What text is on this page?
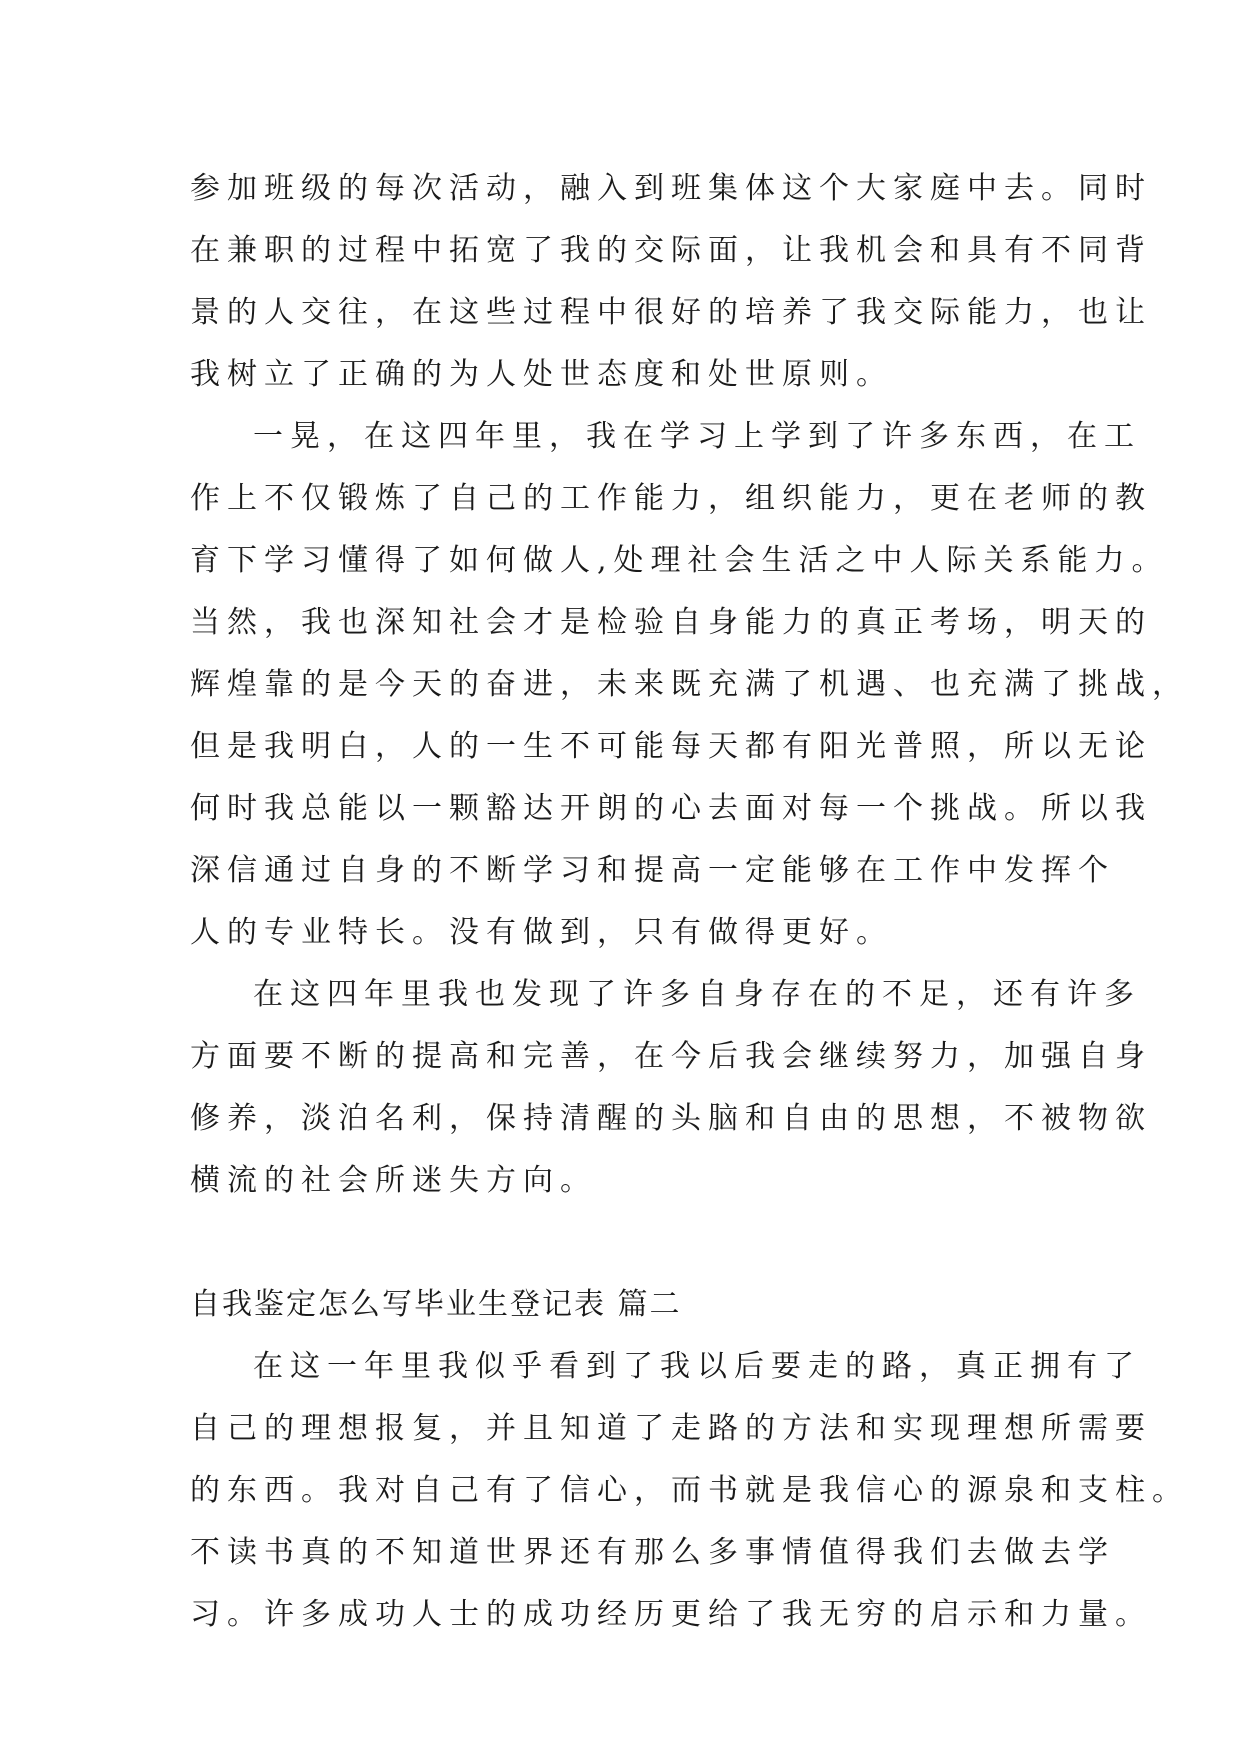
参加班级的每次活动，融入到班集体这个大家庭中去。同时
在兼职的过程中拓宽了我的交际面，让我机会和具有不同背
景的人交往，在这些过程中很好的培养了我交际能力，也让
我树立了正确的为人处世态度和处世原则。
一晃，在这四年里，我在学习上学到了许多东西，在工
作上不仅锻炼了自己的工作能力，组织能力，更在老师的教
育下学习懂得了如何做人,处理社会生活之中人际关系能力。
当然，我也深知社会才是检验自身能力的真正考场，明天的
辉煌靠的是今天的奋进，未来既充满了机遇、也充满了挑战，
但是我明白，人的一生不可能每天都有阳光普照，所以无论
何时我总能以一颗豁达开朗的心去面对每一个挑战。所以我
深信通过自身的不断学习和提高一定能够在工作中发挥个
人的专业特长。没有做到，只有做得更好。
在这四年里我也发现了许多自身存在的不足，还有许多
方面要不断的提高和完善，在今后我会继续努力，加强自身
修养，淡泊名利，保持清醒的头脑和自由的思想，不被物欲
横流的社会所迷失方向。
自我鉴定怎么写毕业生登记表 篇二
在这一年里我似乎看到了我以后要走的路，真正拥有了
自己的理想报复，并且知道了走路的方法和实现理想所需要
的东西。我对自己有了信心，而书就是我信心的源泉和支柱。
不读书真的不知道世界还有那么多事情值得我们去做去学
习。许多成功人士的成功经历更给了我无穷的启示和力量。
